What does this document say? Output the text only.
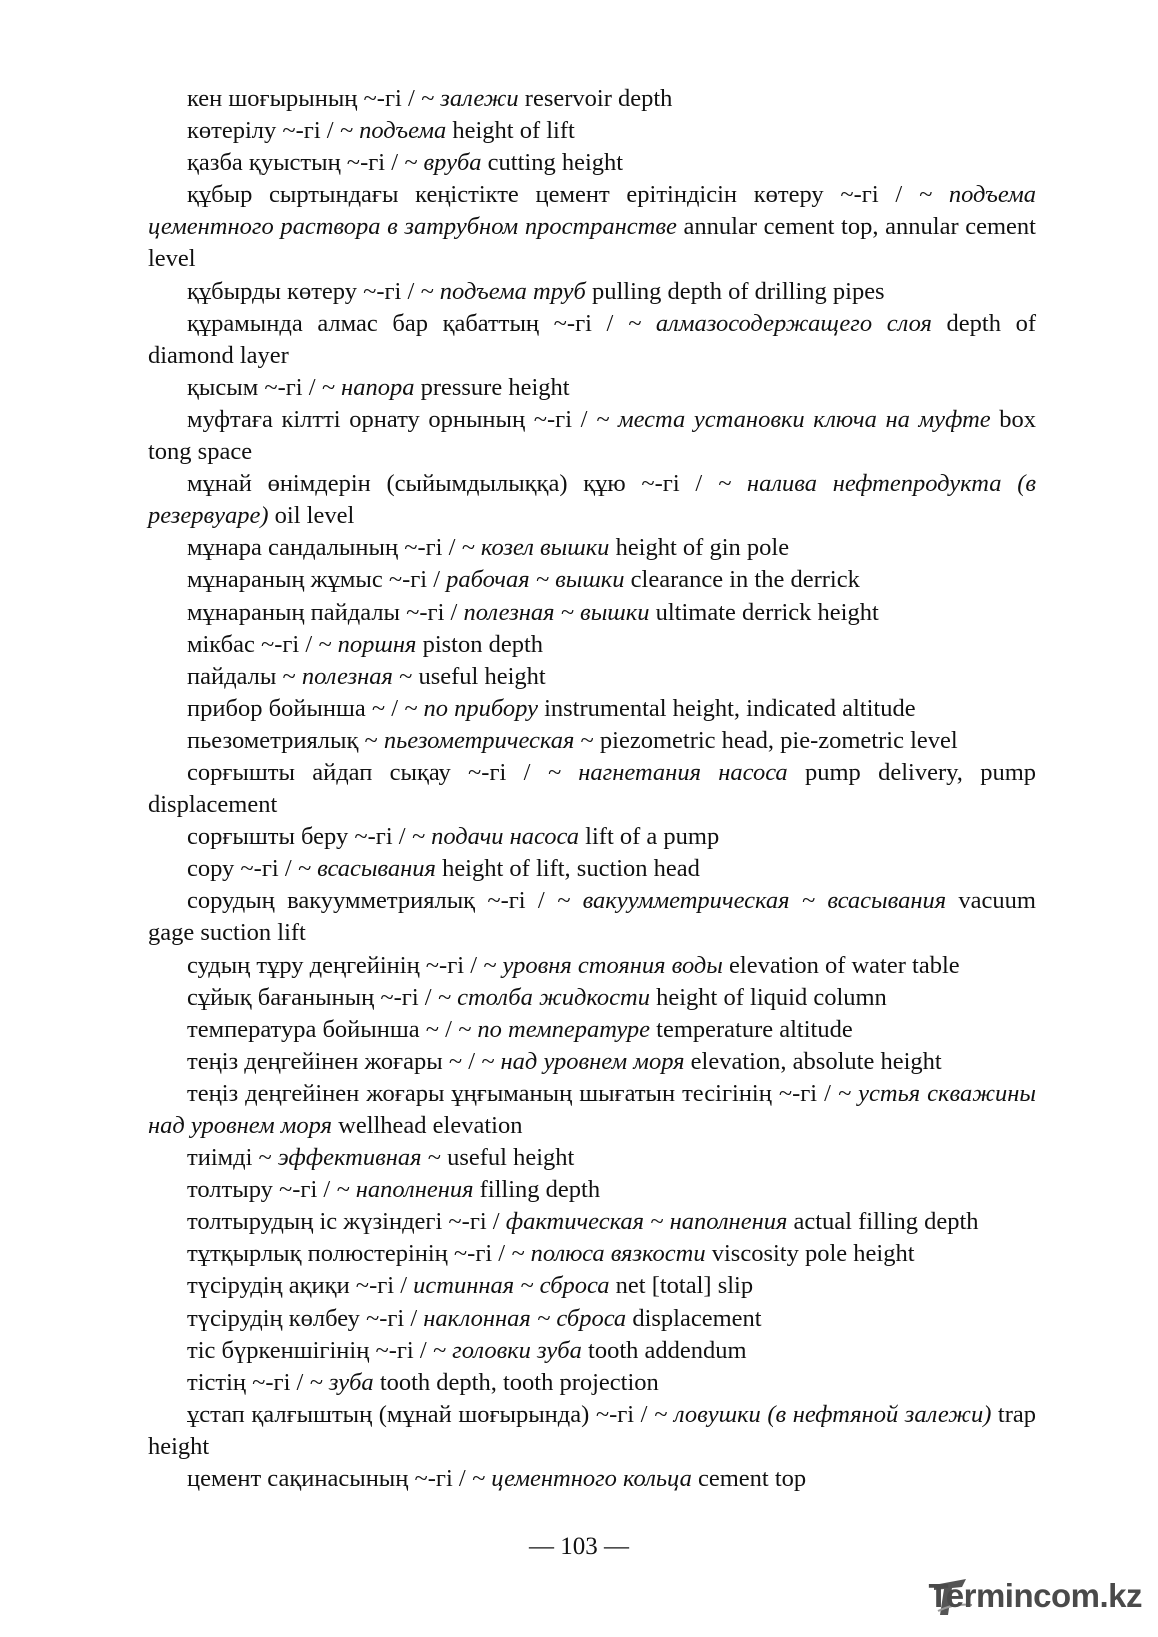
кен шоғырының ~-гі / ~ залежи reservoir depth

көтерілу ~-гі / ~ подъема height of lift

қазба қуыстың ~-гі / ~ вруба cutting height

құбыр сыртындағы кеңістікте цемент ерітіндісін көтеру ~-гі / ~ подъема цементного раствора в затрубном пространстве annular cement top, annular cement level

құбырды көтеру ~-гі / ~ подъема труб pulling depth of drilling pipes

құрамында алмас бар қабаттың ~-гі / ~ алмазосодержащего слоя depth of diamond layer

қысым ~-гі / ~ напора pressure height

муфтаға кілтті орнату орнының ~-гі / ~ места установки ключа на муфте box tong space

мұнай өнімдерін (сыйымдылыққа) құю ~-гі / ~ налива нефтепродукта (в резервуаре) oil level

мұнара сандалының ~-гі / ~ козел вышки height of gin pole

мұнараның жұмыс ~-гі / рабочая ~ вышки clearance in the derrick

мұнараның пайдалы ~-гі / полезная ~ вышки ultimate derrick height

мікбас ~-гі / ~ поршня piston depth

пайдалы ~ полезная ~ useful height

прибор бойынша ~ / ~ по прибору instrumental height, indicated altitude

пьезометриялық ~ пьезометрическая ~ piezometric head, pie-zometric level

сорғышты айдап сықау ~-гі / ~ нагнетания насоса pump delivery, pump displacement

сорғышты беру ~-гі / ~ подачи насоса lift of a pump

сору ~-гі / ~ всасывания height of lift, suction head

сорудың вакуумметриялық ~-гі / ~ вакуумметрическая ~ всасывания vacuum gage suction lift

судың тұру деңгейінің ~-гі / ~ уровня стояния воды elevation of water table

сұйық бағанының ~-гі / ~ столба жидкости height of liquid column

температура бойынша ~ / ~ по температуре temperature altitude

теңіз деңгейінен жоғары ~ / ~ над уровнем моря elevation, absolute height

теңіз деңгейінен жоғары ұңғыманың шығатын тесігінің ~-гі / ~ устья скважины над уровнем моря wellhead elevation

тиімді ~ эффективная ~ useful height

толтыру ~-гі / ~ наполнения filling depth

толтырудың іс жүзіндегі ~-гі / фактическая ~ наполнения actual filling depth

тұтқырлық полюстерінің ~-гі / ~ полюса вязкости viscosity pole height

түсірудің ақиқи ~-гі / истинная ~ сброса net [total] slip

түсірудің көлбеу ~-гі / наклонная ~ сброса displacement

тіс бүркеншігінің ~-гі / ~ головки зуба tooth addendum

тістің ~-гі / ~ зуба tooth depth, tooth projection

ұстап қалғыштың (мұнай шоғырында) ~-гі / ~ ловушки (в нефтяной залежи) trap height

цемент сақинасының ~-гі / ~ цементного кольца cement top

— 103 —
Termincom.kz
